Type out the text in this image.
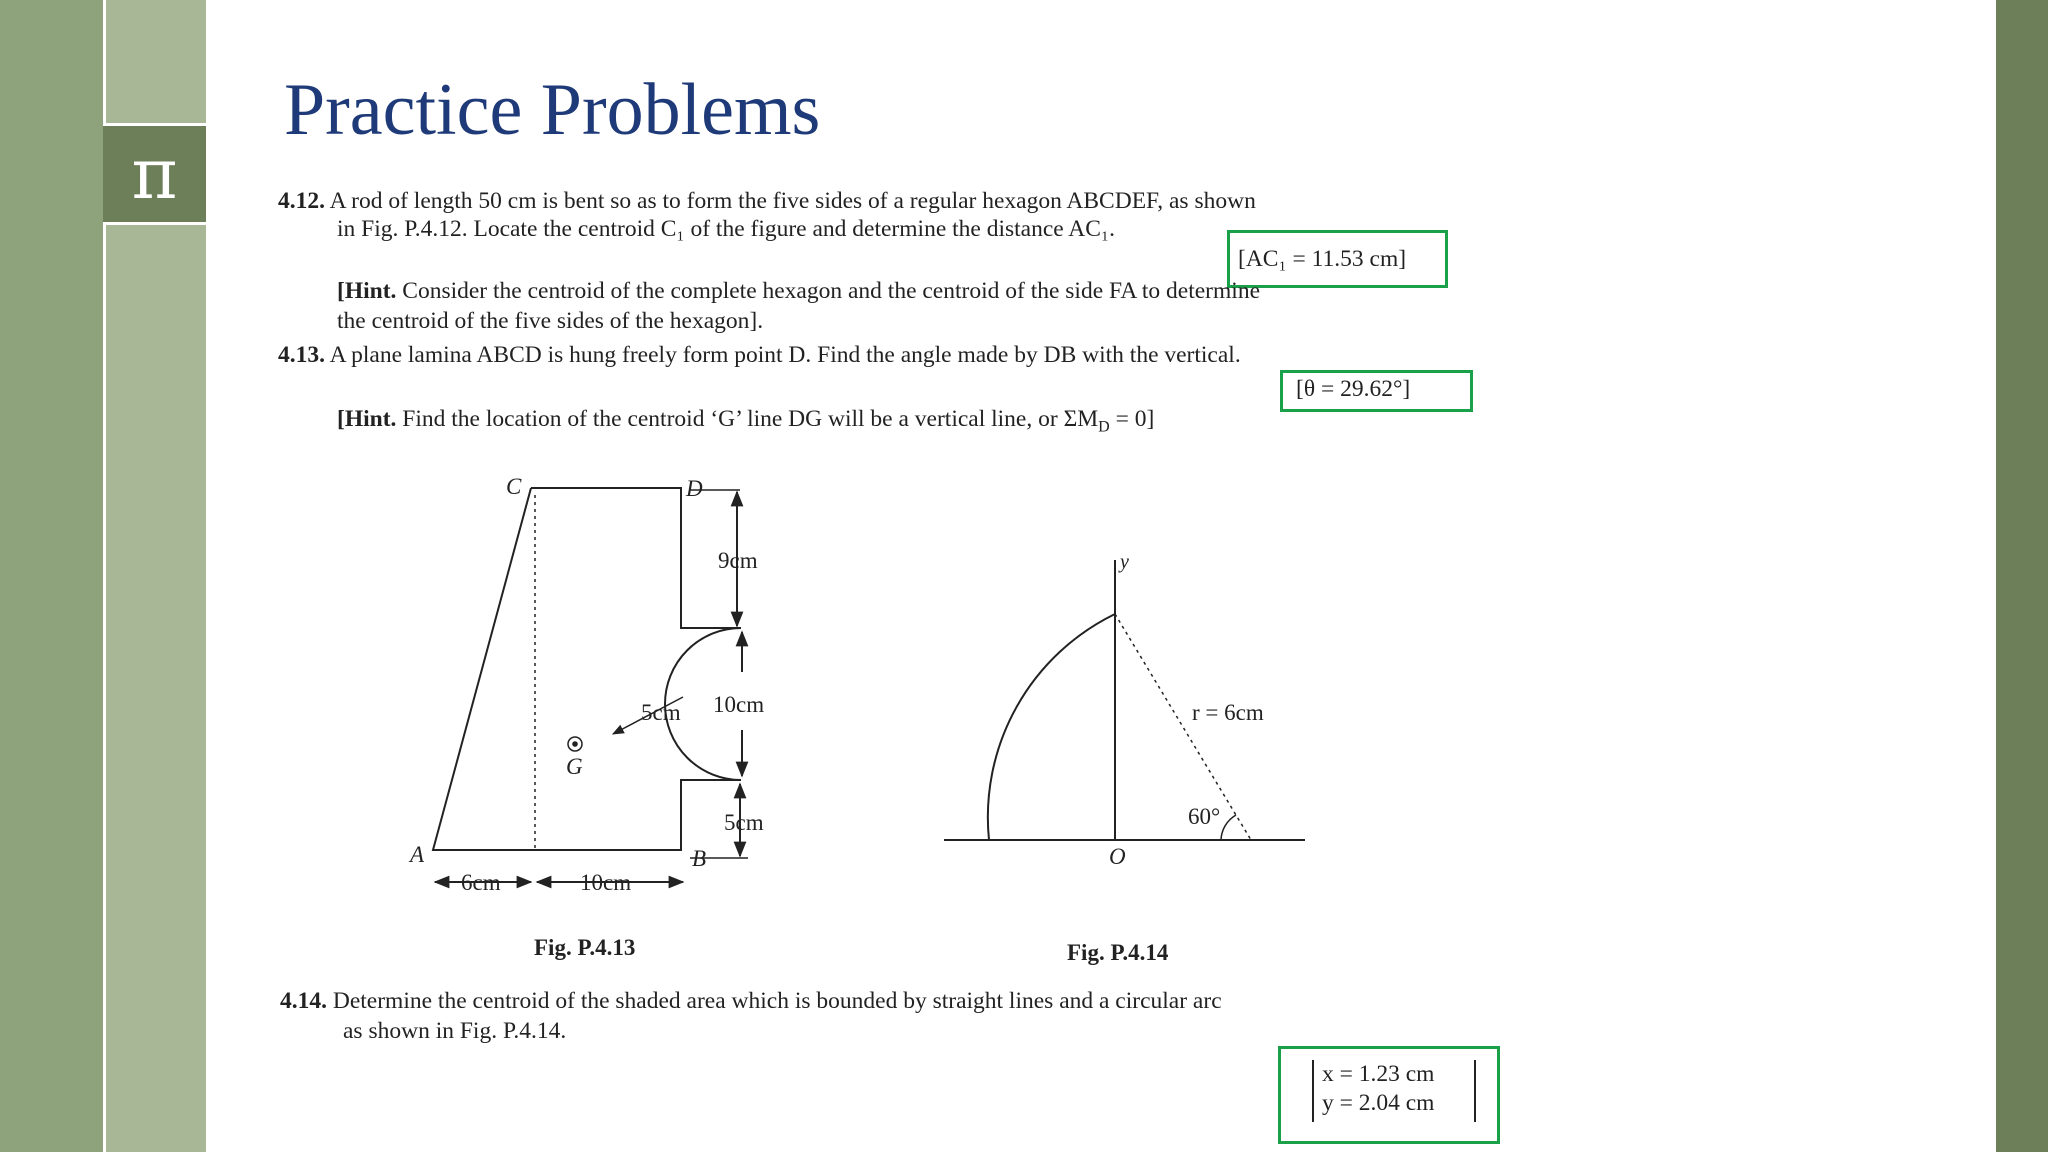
π
Practice Problems
4.12. A rod of length 50 cm is bent so as to form the five sides of a regular hexagon ABCDEF, as shown
in Fig. P.4.12. Locate the centroid C₁ of the figure and determine the distance AC₁.
[AC₁ = 11.53 cm]
[Hint. Consider the centroid of the complete hexagon and the centroid of the side FA to determine
the centroid of the five sides of the hexagon].
4.13. A plane lamina ABCD is hung freely form point D. Find the angle made by DB with the vertical.
[θ = 29.62°]
[Hint. Find the location of the centroid ‘G’ line DG will be a vertical line, or $\Sigma M_D = 0$]
C	D
A	B
G
9cm
10cm
5cm
5cm
6cm	10cm
Fig. P.4.13
y
O
r = 6cm
60°
Fig. P.4.14
4.14. Determine the centroid of the shaded area which is bounded by straight lines and a circular arc
as shown in Fig. P.4.14.
x = 1.23 cm
y = 2.04 cm
